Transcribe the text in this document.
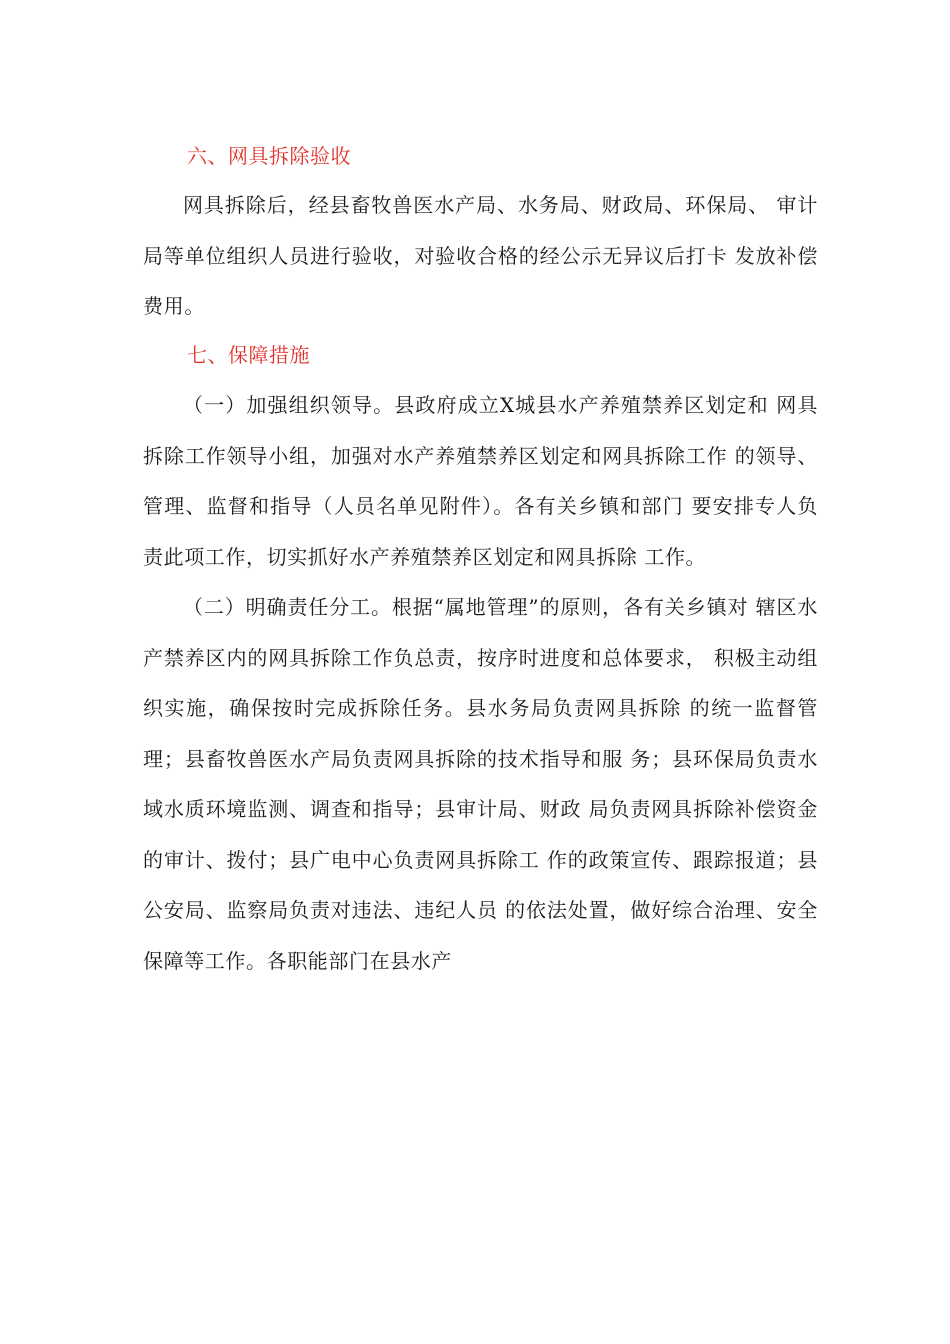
六、网具拆除验收

网具拆除后，经县畜牧兽医水产局、水务局、财政局、环保局、 审计局等单位组织人员进行验收，对验收合格的经公示无异议后打卡 发放补偿费用。

七、保障措施

（一）加强组织领导。县政府成立X城县水产养殖禁养区划定和 网具拆除工作领导小组，加强对水产养殖禁养区划定和网具拆除工作 的领导、管理、监督和指导（人员名单见附件）。各有关乡镇和部门 要安排专人负责此项工作，切实抓好水产养殖禁养区划定和网具拆除 工作。

（二）明确责任分工。根据“属地管理”的原则，各有关乡镇对 辖区水产禁养区内的网具拆除工作负总责，按序时进度和总体要求， 积极主动组织实施，确保按时完成拆除任务。县水务局负责网具拆除 的统一监督管理；县畜牧兽医水产局负责网具拆除的技术指导和服 务；县环保局负责水域水质环境监测、调查和指导；县审计局、财政 局负责网具拆除补偿资金的审计、拨付；县广电中心负责网具拆除工 作的政策宣传、跟踪报道；县公安局、监察局负责对违法、违纪人员 的依法处置，做好综合治理、安全保障等工作。各职能部门在县水产
